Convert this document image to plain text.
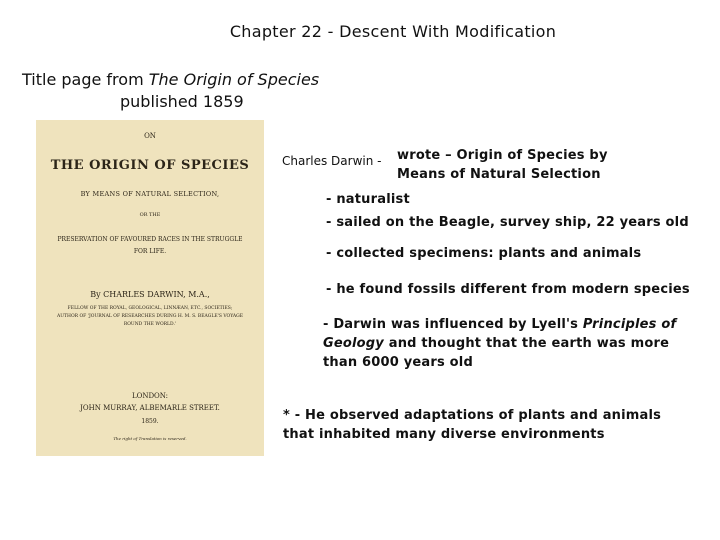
Chapter 22 - Descent With Modification
Title page from The Origin of Species
published 1859
ON
THE ORIGIN OF SPECIES
BY MEANS OF NATURAL SELECTION,
OR THE
PRESERVATION OF FAVOURED RACES IN THE STRUGGLE
FOR LIFE.
By CHARLES DARWIN, M.A.,
FELLOW OF THE ROYAL, GEOLOGICAL, LINNÆAN, ETC., SOCIETIES;
AUTHOR OF 'JOURNAL OF RESEARCHES DURING H. M. S. BEAGLE'S VOYAGE
ROUND THE WORLD.'
LONDON:
JOHN MURRAY, ALBEMARLE STREET.
1859.
The right of Translation is reserved.
Charles Darwin - wrote – Origin of Species by
Means of Natural Selection
- naturalist
- sailed on the Beagle, survey ship, 22 years old
- collected specimens: plants and animals
- he found fossils different from modern species
- Darwin was influenced by Lyell's Principles of
Geology and thought that the earth was more
than 6000 years old
* - He observed adaptations of plants and animals
that inhabited many diverse environments
